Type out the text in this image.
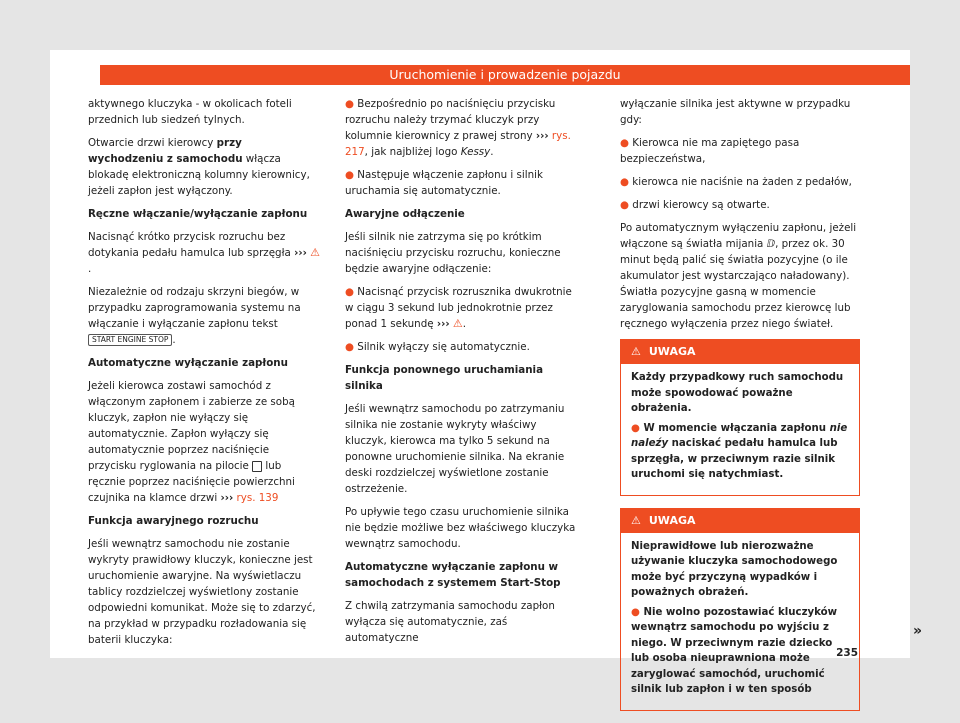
Uruchomienie i prowadzenie pojazdu

aktywnego kluczyka - w okolicach foteli przednich lub siedzeń tylnych.

Otwarcie drzwi kierowcy przy wychodzeniu z samochodu włącza blokadę elektroniczną kolumny kierownicy, jeżeli zapłon jest wyłączony.

Ręczne włączanie/wyłączanie zapłonu

Nacisnąć krótko przycisk rozruchu bez dotykania pedału hamulca lub sprzęgła ››› ⚠.

Niezależnie od rodzaju skrzyni biegów, w przypadku zaprogramowania systemu na włączanie i wyłączanie zapłonu tekst START ENGINE STOP .

Automatyczne wyłączanie zapłonu

Jeżeli kierowca zostawi samochód z włączonym zapłonem i zabierze ze sobą kluczyk, zapłon nie wyłączy się automatycznie. Zapłon wyłączy się automatycznie poprzez naciśnięcie przycisku ryglowania na pilocie lub ręcznie poprzez naciśnięcie powierzchni czujnika na klamce drzwi ››› rys. 139

Funkcja awaryjnego rozruchu

Jeśli wewnątrz samochodu nie zostanie wykryty prawidłowy kluczyk, konieczne jest uruchomienie awaryjne. Na wyświetlaczu tablicy rozdzielczej wyświetlony zostanie odpowiedni komunikat. Może się to zdarzyć, na przykład w przypadku rozładowania się baterii kluczyka:

● Bezpośrednio po naciśnięciu przycisku rozruchu należy trzymać kluczyk przy kolumnie kierownicy z prawej strony ››› rys. 217, jak najbliżej logo Kessy.

● Następuje włączenie zapłonu i silnik uruchamia się automatycznie.

Awaryjne odłączenie

Jeśli silnik nie zatrzyma się po krótkim naciśnięciu przycisku rozruchu, konieczne będzie awaryjne odłączenie:

● Nacisnąć przycisk rozrusznika dwukrotnie w ciągu 3 sekund lub jednokrotnie przez ponad 1 sekundę ››› ⚠.

● Silnik wyłączy się automatycznie.

Funkcja ponownego uruchamiania silnika

Jeśli wewnątrz samochodu po zatrzymaniu silnika nie zostanie wykryty właściwy kluczyk, kierowca ma tylko 5 sekund na ponowne uruchomienie silnika. Na ekranie deski rozdzielczej wyświetlone zostanie ostrzeżenie.

Po upływie tego czasu uruchomienie silnika nie będzie możliwe bez właściwego kluczyka wewnątrz samochodu.

Automatyczne wyłączanie zapłonu w samochodach z systemem Start-Stop

Z chwilą zatrzymania samochodu zapłon wyłącza się automatycznie, zaś automatyczne

wyłączanie silnika jest aktywne w przypadku gdy:

● Kierowca nie ma zapiętego pasa bezpieczeństwa,

● kierowca nie naciśnie na żaden z pedałów,

● drzwi kierowcy są otwarte.

Po automatycznym wyłączeniu zapłonu, jeżeli włączone są światła mijania ⅅ, przez ok. 30 minut będą palić się światła pozycyjne (o ile akumulator jest wystarczająco naładowany). Światła pozycyjne gasną w momencie zaryglowania samochodu przez kierowcę lub ręcznego wyłączenia przez niego świateł.

⚠ UWAGA

Każdy przypadkowy ruch samochodu może spowodować poważne obrażenia.

● W momencie włączania zapłonu nie naleźy naciskać pedału hamulca lub sprzęgła, w przeciwnym razie silnik uruchomi się natychmiast.

⚠ UWAGA

Nieprawidłowe lub nierozważne używanie kluczyka samochodowego może być przyczyną wypadków i poważnych obrażeń.

● Nie wolno pozostawiać kluczyków wewnątrz samochodu po wyjściu z niego. W przeciwnym razie dziecko lub osoba nieuprawniona może zaryglować samochód, uruchomić silnik lub zapłon i w ten sposób

»
235
